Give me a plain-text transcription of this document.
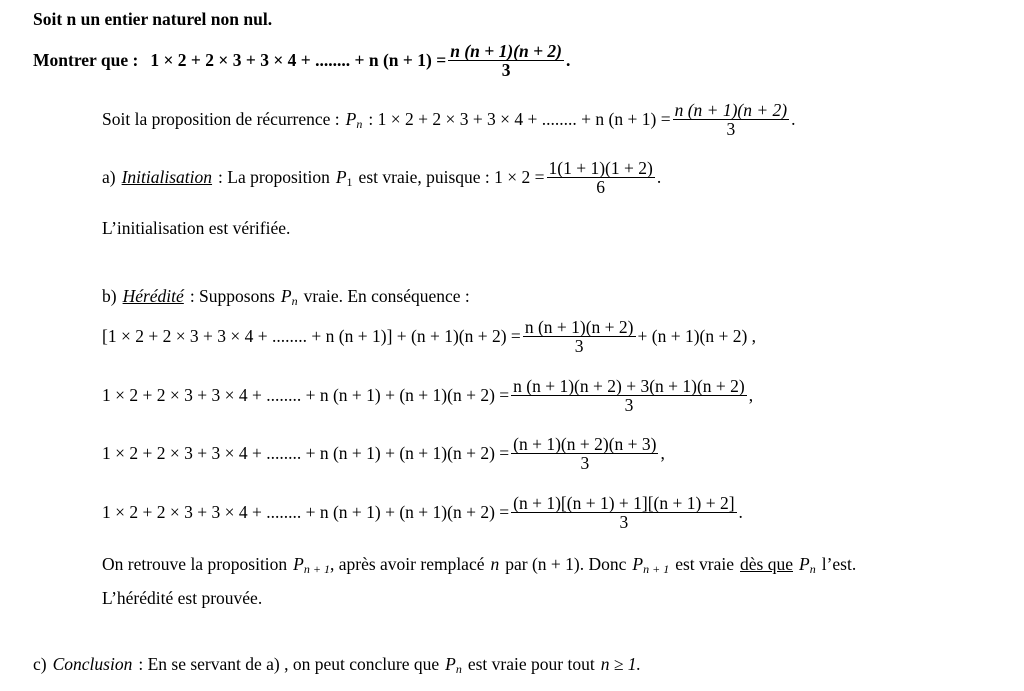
Soit n un entier naturel non nul.
Montrer que : 1 × 2 + 2 × 3 + 3 × 4 + ........ + n $(n + 1) = \frac{n (n + 1)(n + 2)}{3}$ .
Soit la proposition de récurrence : P n : 1 × 2 + 2 × 3 + 3 × 4 + ........ + n $(n + 1) = \frac{n (n + 1)(n + 2)}{3}$ .
a) Initialisation : La proposition P 1 est vraie, puisque : $1 \times 2 = \frac{1(1 + 1)(1 + 2)}{6}$ .
L’initialisation est vérifiée.
b) Hérédité : Supposons P n vraie. En conséquence :
[1 × 2 + 2 × 3 + 3 × 4 + ........ + n $(n + 1)] + (n + 1)(n + 2) = \frac{n (n + 1)(n + 2)}{3} + (n + 1)(n + 2)$ ,
1 × 2 + 2 × 3 + 3 × 4 + ........ + n $(n + 1) + (n + 1)(n + 2) = \frac{n (n + 1)(n + 2) + 3(n + 1)(n + 2)}{3}$ ,
1 × 2 + 2 × 3 + 3 × 4 + ........ + n $(n + 1) + (n + 1)(n + 2) = \frac{(n + 1)(n + 2)(n + 3)}{3}$ ,
1 × 2 + 2 × 3 + 3 × 4 + ........ + n $(n + 1) + (n + 1)(n + 2) = \frac{(n + 1)[(n + 1) + 1][(n + 1) + 2]}{3}$ .
On retrouve la proposition P n + 1 , après avoir remplacé n par (n + 1). Donc P n + 1 est vraie dès que P n l’est.
L’hérédité est prouvée.
c) Conclusion : En se servant de a) , on peut conclure que P n est vraie pour tout n ≥ 1.
